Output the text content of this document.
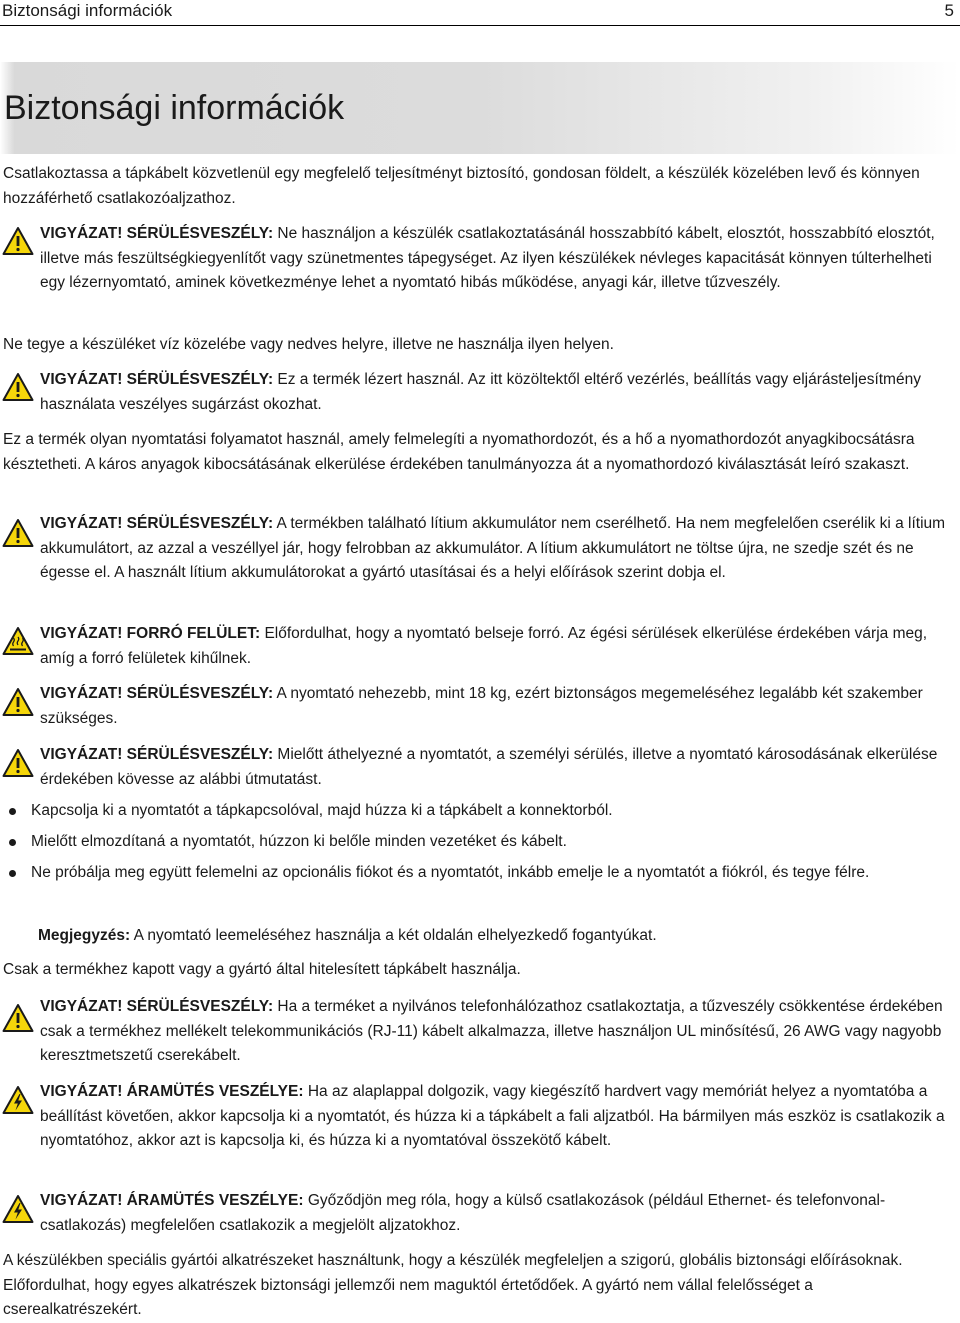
Biztonsági információk	5
Biztonsági információk

Csatlakoztassa a tápkábelt közvetlenül egy megfelelő teljesítményt biztosító, gondosan földelt, a készülék közelében levő és könnyen hozzáférhető csatlakozóaljzathoz.

VIGYÁZAT! SÉRÜLÉSVESZÉLY: Ne használjon a készülék csatlakoztatásánál hosszabbító kábelt, elosztót, hosszabbító elosztót, illetve más feszültségkiegyenlítőt vagy szünetmentes tápegységet. Az ilyen készülékek névleges kapacitását könnyen túlterhelheti egy lézernyomtató, aminek következménye lehet a nyomtató hibás működése, anyagi kár, illetve tűzveszély.

Ne tegye a készüléket víz közelébe vagy nedves helyre, illetve ne használja ilyen helyen.

VIGYÁZAT! SÉRÜLÉSVESZÉLY: Ez a termék lézert használ. Az itt közöltektől eltérő vezérlés, beállítás vagy eljárásteljesítmény használata veszélyes sugárzást okozhat.

Ez a termék olyan nyomtatási folyamatot használ, amely felmelegíti a nyomathordozót, és a hő a nyomathordozót anyagkibocsátásra késztetheti. A káros anyagok kibocsátásának elkerülése érdekében tanulmányozza át a nyomathordozó kiválasztását leíró szakaszt.

VIGYÁZAT! SÉRÜLÉSVESZÉLY: A termékben található lítium akkumulátor nem cserélhető. Ha nem megfelelően cserélik ki a lítium akkumulátort, az azzal a veszéllyel jár, hogy felrobban az akkumulátor. A lítium akkumulátort ne töltse újra, ne szedje szét és ne égesse el. A használt lítium akkumulátorokat a gyártó utasításai és a helyi előírások szerint dobja el.

VIGYÁZAT! FORRÓ FELÜLET: Előfordulhat, hogy a nyomtató belseje forró. Az égési sérülések elkerülése érdekében várja meg, amíg a forró felületek kihűlnek.

VIGYÁZAT! SÉRÜLÉSVESZÉLY: A nyomtató nehezebb, mint 18 kg, ezért biztonságos megemeléséhez legalább két szakember szükséges.

VIGYÁZAT! SÉRÜLÉSVESZÉLY: Mielőtt áthelyezné a nyomtatót, a személyi sérülés, illetve a nyomtató károsodásának elkerülése érdekében kövesse az alábbi útmutatást.

Kapcsolja ki a nyomtatót a tápkapcsolóval, majd húzza ki a tápkábelt a konnektorból.

Mielőtt elmozdítaná a nyomtatót, húzzon ki belőle minden vezetéket és kábelt.

Ne próbálja meg együtt felemelni az opcionális fiókot és a nyomtatót, inkább emelje le a nyomtatót a fiókról, és tegye félre.

Megjegyzés: A nyomtató leemeléséhez használja a két oldalán elhelyezkedő fogantyúkat.

Csak a termékhez kapott vagy a gyártó által hitelesített tápkábelt használja.

VIGYÁZAT! SÉRÜLÉSVESZÉLY: Ha a terméket a nyilvános telefonhálózathoz csatlakoztatja, a tűzveszély csökkentése érdekében csak a termékhez mellékelt telekommunikációs (RJ-11) kábelt alkalmazza, illetve használjon UL minősítésű, 26 AWG vagy nagyobb keresztmetszetű cserekábelt.

VIGYÁZAT! ÁRAMÜTÉS VESZÉLYE: Ha az alaplappal dolgozik, vagy kiegészítő hardvert vagy memóriát helyez a nyomtatóba a beállítást követően, akkor kapcsolja ki a nyomtatót, és húzza ki a tápkábelt a fali aljzatból. Ha bármilyen más eszköz is csatlakozik a nyomtatóhoz, akkor azt is kapcsolja ki, és húzza ki a nyomtatóval összekötő kábelt.

VIGYÁZAT! ÁRAMÜTÉS VESZÉLYE: Győződjön meg róla, hogy a külső csatlakozások (például Ethernet- és telefonvonal-csatlakozás) megfelelően csatlakozik a megjelölt aljzatokhoz.

A készülékben speciális gyártói alkatrészeket használtunk, hogy a készülék megfeleljen a szigorú, globális biztonsági előírásoknak. Előfordulhat, hogy egyes alkatrészek biztonsági jellemzői nem maguktól értetődőek. A gyártó nem vállal felelősséget a cserealkatrészekért.
